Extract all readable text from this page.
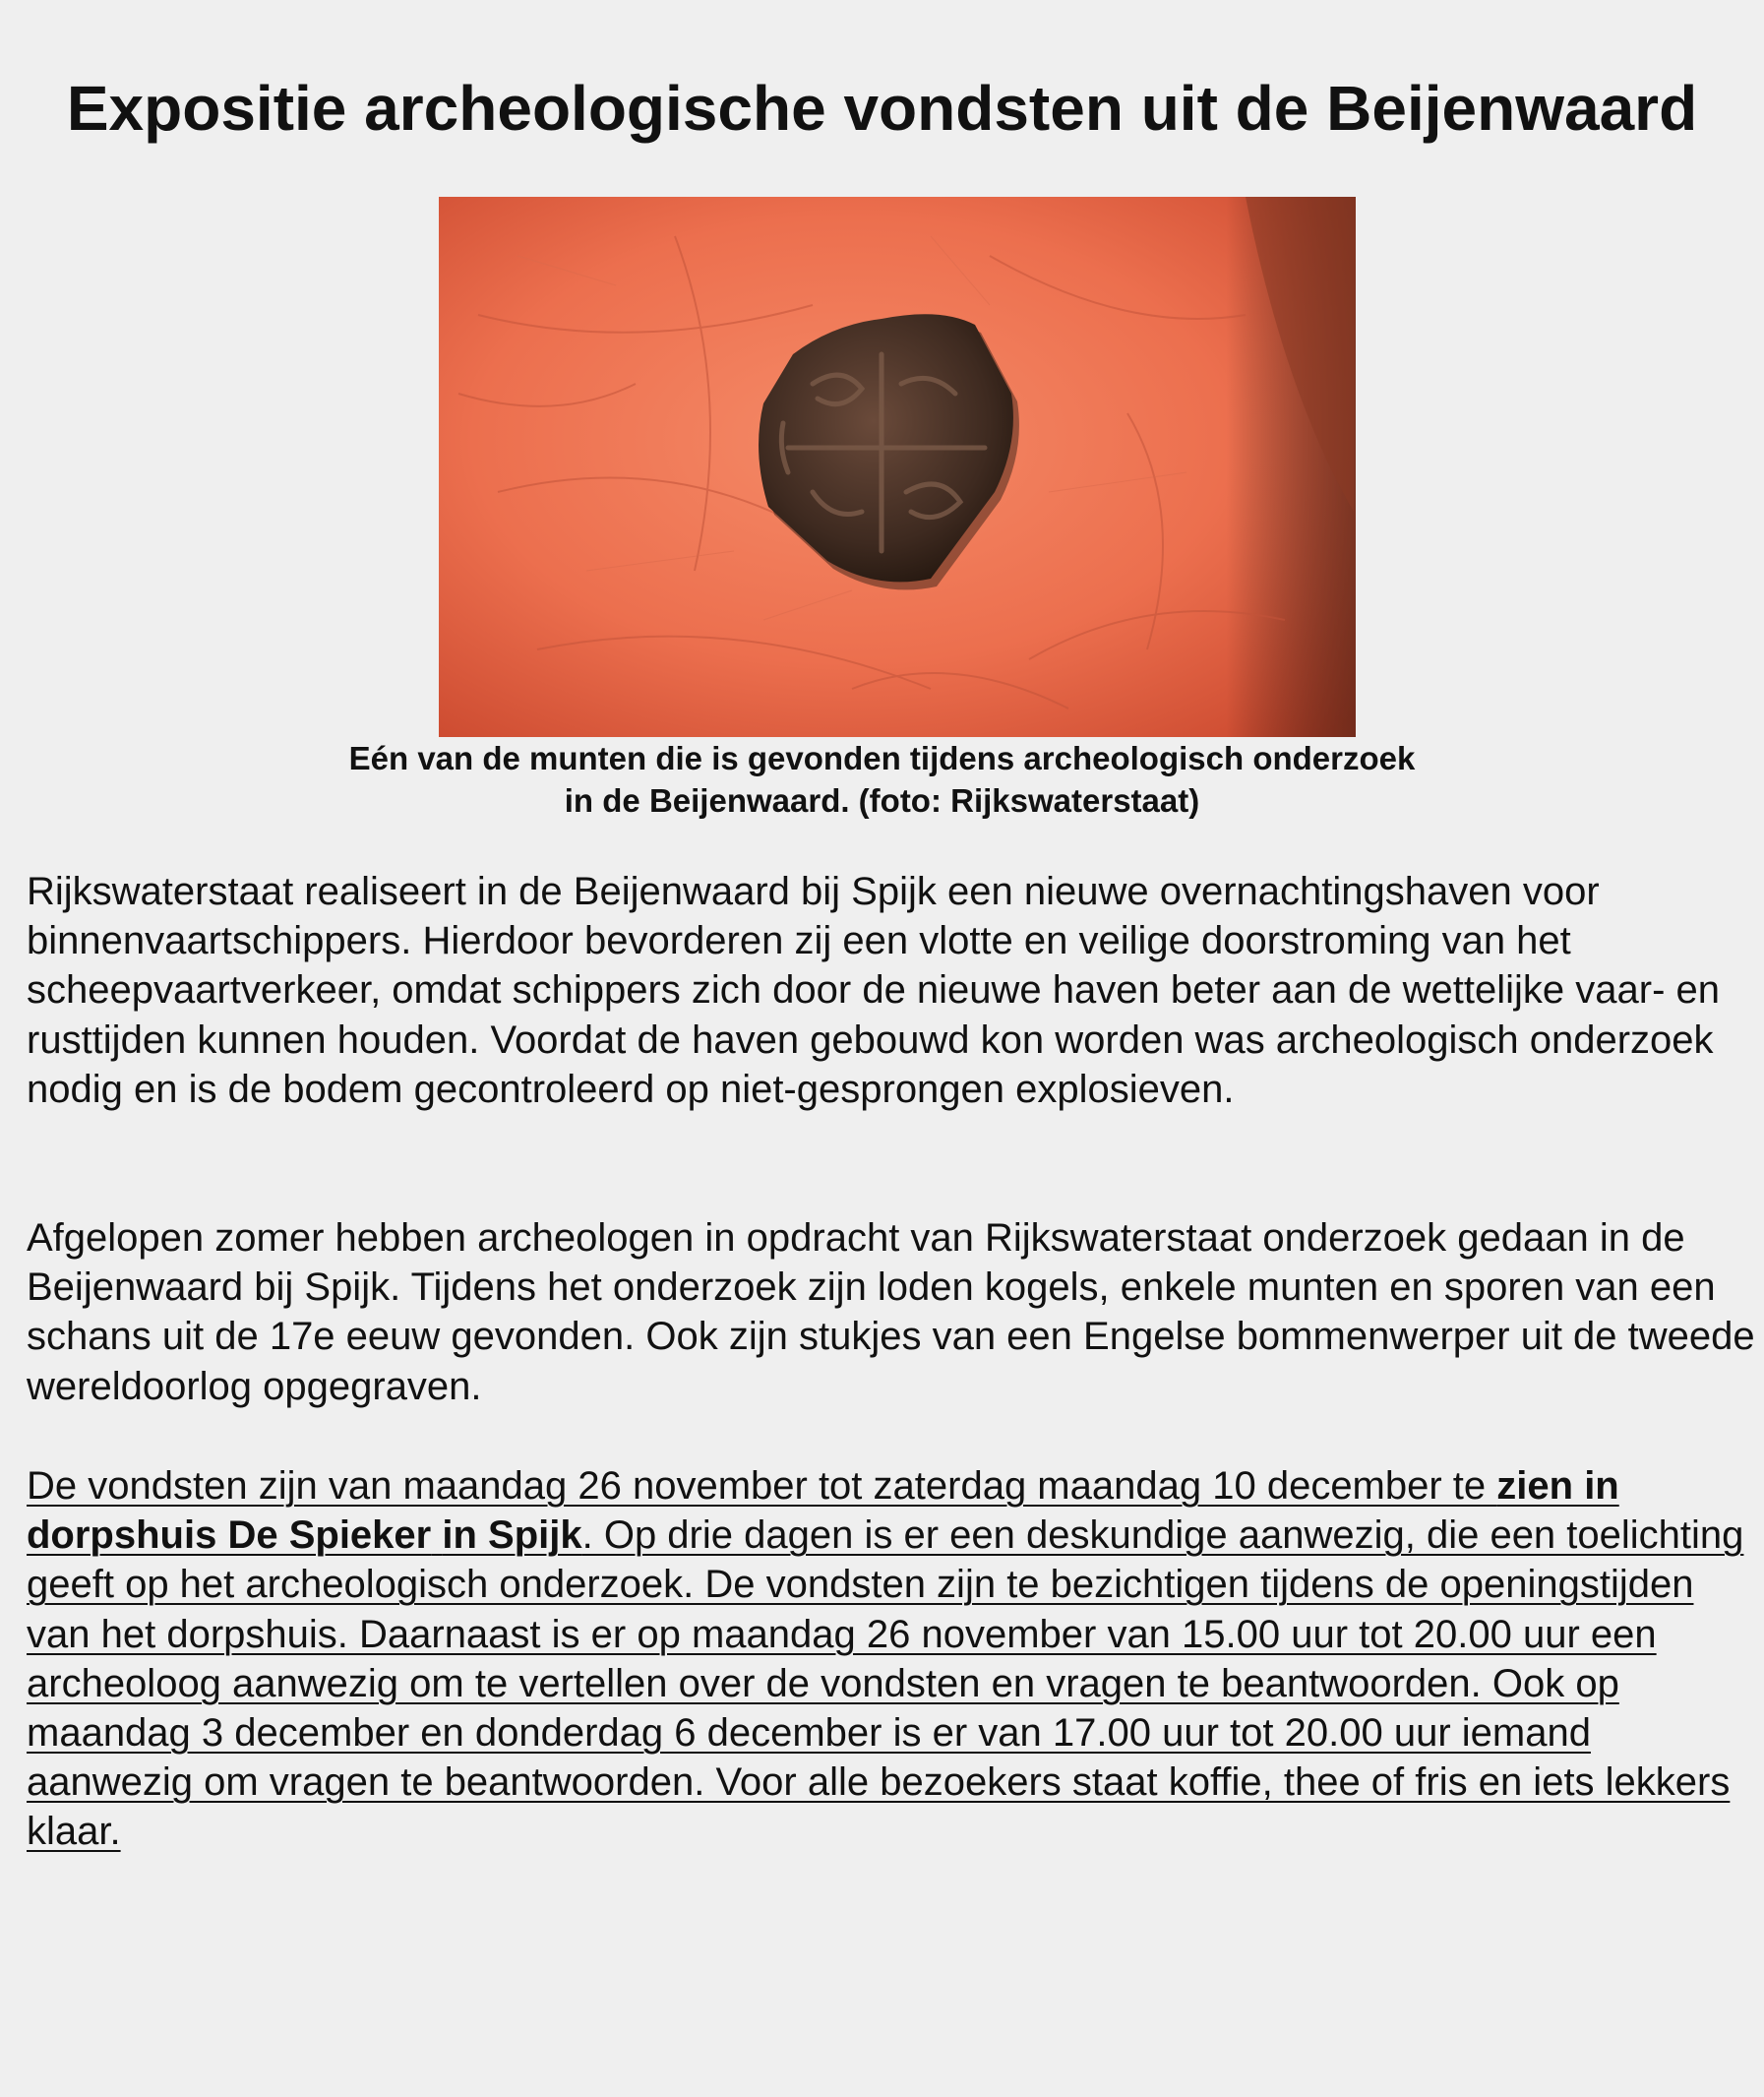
Expositie archeologische vondsten uit de Beijenwaard
Eén van de munten die is gevonden tijdens archeologisch onderzoek
in de Beijenwaard. (foto: Rijkswaterstaat)

Rijkswaterstaat realiseert in de Beijenwaard bij Spijk een nieuwe overnachtingshaven voor binnenvaartschippers. Hierdoor bevorderen zij een vlotte en veilige doorstroming van het scheepvaartverkeer, omdat schippers zich door de nieuwe haven beter aan de wettelijke vaar- en rusttijden kunnen houden. Voordat de haven gebouwd kon worden was archeologisch onderzoek nodig en is de bodem gecontroleerd op niet-gesprongen explosieven.

Afgelopen zomer hebben archeologen in opdracht van Rijkswaterstaat onderzoek gedaan in de Beijenwaard bij Spijk. Tijdens het onderzoek zijn loden kogels, enkele munten en sporen van een schans uit de 17e eeuw gevonden. Ook zijn stukjes van een Engelse bommenwerper uit de tweede wereldoorlog opgegraven.

De vondsten zijn van maandag 26 november tot zaterdag maandag 10 december te zien in dorpshuis De Spieker in Spijk. Op drie dagen is er een deskundige aanwezig, die een toelichting geeft op het archeologisch onderzoek. De vondsten zijn te bezichtigen tijdens de openingstijden van het dorpshuis. Daarnaast is er op maandag 26 november van 15.00 uur tot 20.00 uur een archeoloog aanwezig om te vertellen over de vondsten en vragen te beantwoorden. Ook op maandag 3 december en donderdag 6 december is er van 17.00 uur tot 20.00 uur iemand aanwezig om vragen te beantwoorden. Voor alle bezoekers staat koffie, thee of fris en iets lekkers klaar.
